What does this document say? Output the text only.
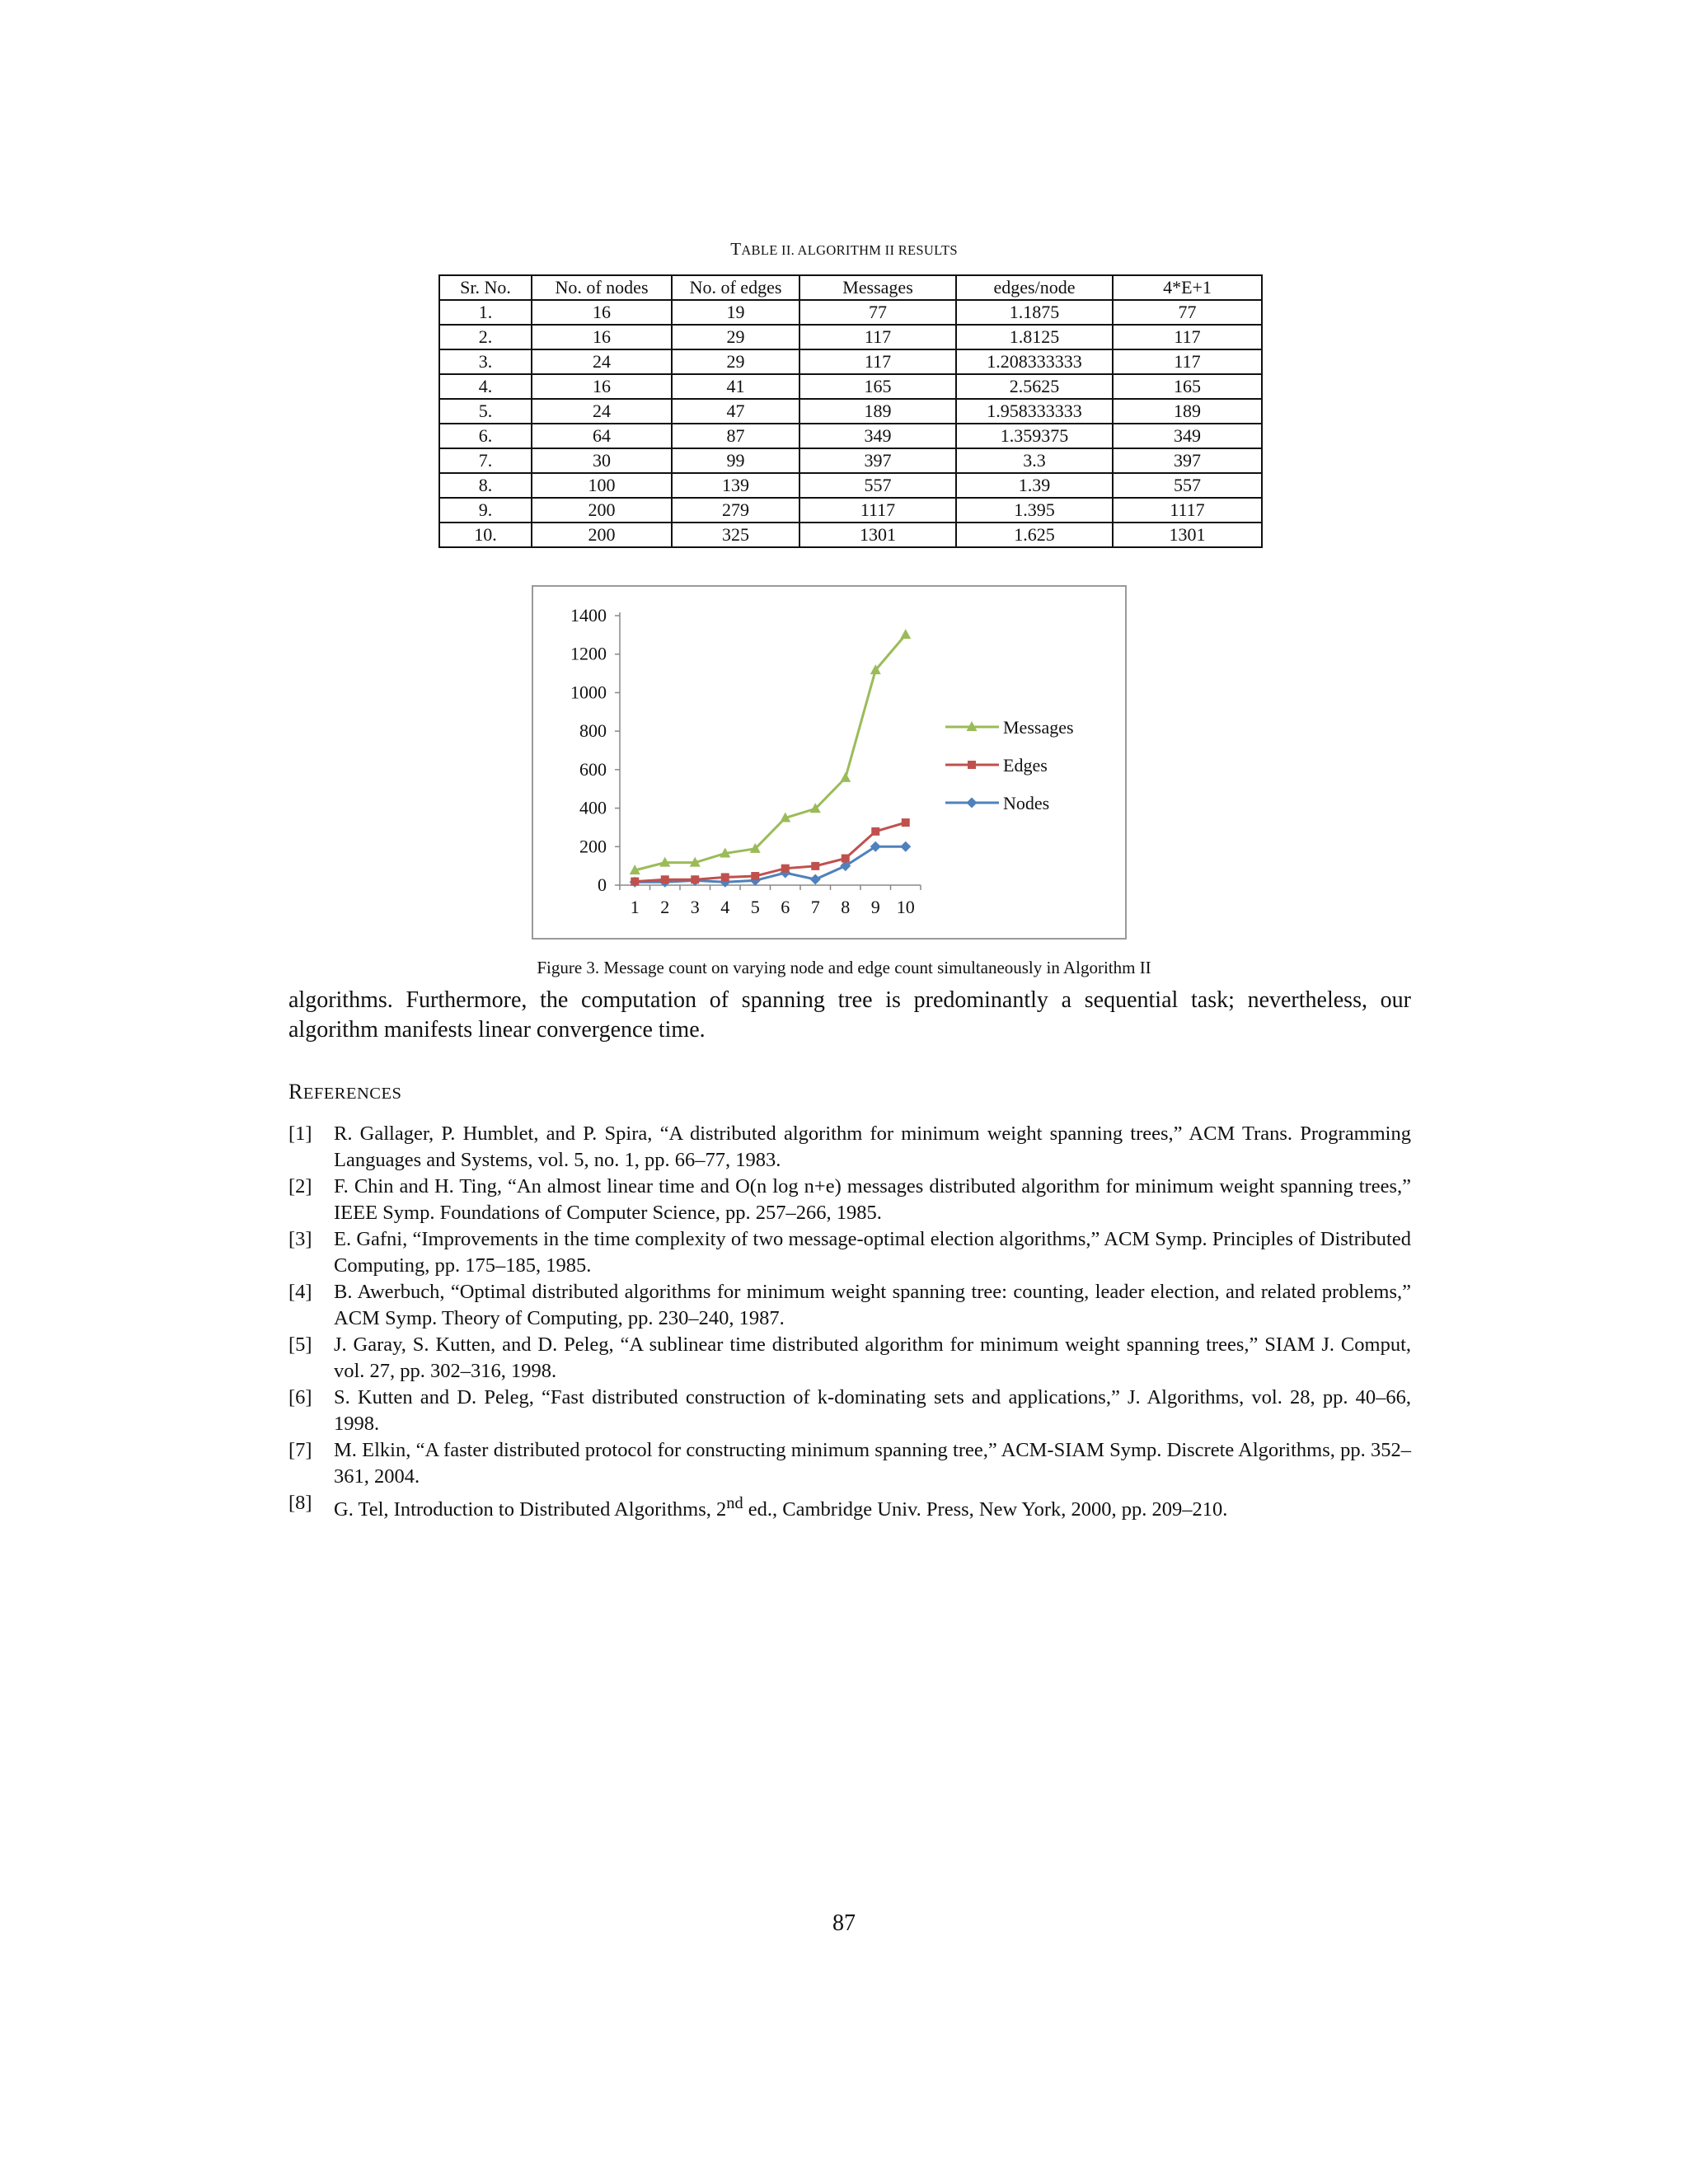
TABLE II. ALGORITHM II RESULTS
Sr. No.	No. of nodes	No. of edges	Messages	edges/node	4*E+1
1.	16	19	77	1.1875	77
2.	16	29	117	1.8125	117
3.	24	29	117	1.208333333	117
4.	16	41	165	2.5625	165
5.	24	47	189	1.958333333	189
6.	64	87	349	1.359375	349
7.	30	99	397	3.3	397
8.	100	139	557	1.39	557
9.	200	279	1117	1.395	1117
10.	200	325	1301	1.625	1301
0
200
400
600
800
1000
1200
1400
1 2 3 4 5 6 7 8 9 10
Messages
Edges
Nodes
Figure 3. Message count on varying node and edge count simultaneously in Algorithm II

algorithms. Furthermore, the computation of spanning tree is predominantly a sequential task; nevertheless, our algorithm manifests linear convergence time.

REFERENCES
[1] R. Gallager, P. Humblet, and P. Spira, “A distributed algorithm for minimum weight spanning trees,” ACM Trans. Programming Languages and Systems, vol. 5, no. 1, pp. 66–77, 1983.
[2] F. Chin and H. Ting, “An almost linear time and O(n log n+e) messages distributed algorithm for minimum weight spanning trees,” IEEE Symp. Foundations of Computer Science, pp. 257–266, 1985.
[3] E. Gafni, “Improvements in the time complexity of two message-optimal election algorithms,” ACM Symp. Principles of Distributed Computing, pp. 175–185, 1985.
[4] B. Awerbuch, “Optimal distributed algorithms for minimum weight spanning tree: counting, leader election, and related problems,” ACM Symp. Theory of Computing, pp. 230–240, 1987.
[5] J. Garay, S. Kutten, and D. Peleg, “A sublinear time distributed algorithm for minimum weight spanning trees,” SIAM J. Comput, vol. 27, pp. 302–316, 1998.
[6] S. Kutten and D. Peleg, “Fast distributed construction of k-dominating sets and applications,” J. Algorithms, vol. 28, pp. 40–66, 1998.
[7] M. Elkin, “A faster distributed protocol for constructing minimum spanning tree,” ACM-SIAM Symp. Discrete Algorithms, pp. 352–361, 2004.
[8] G. Tel, Introduction to Distributed Algorithms, 2nd ed., Cambridge Univ. Press, New York, 2000, pp. 209–210.
87
